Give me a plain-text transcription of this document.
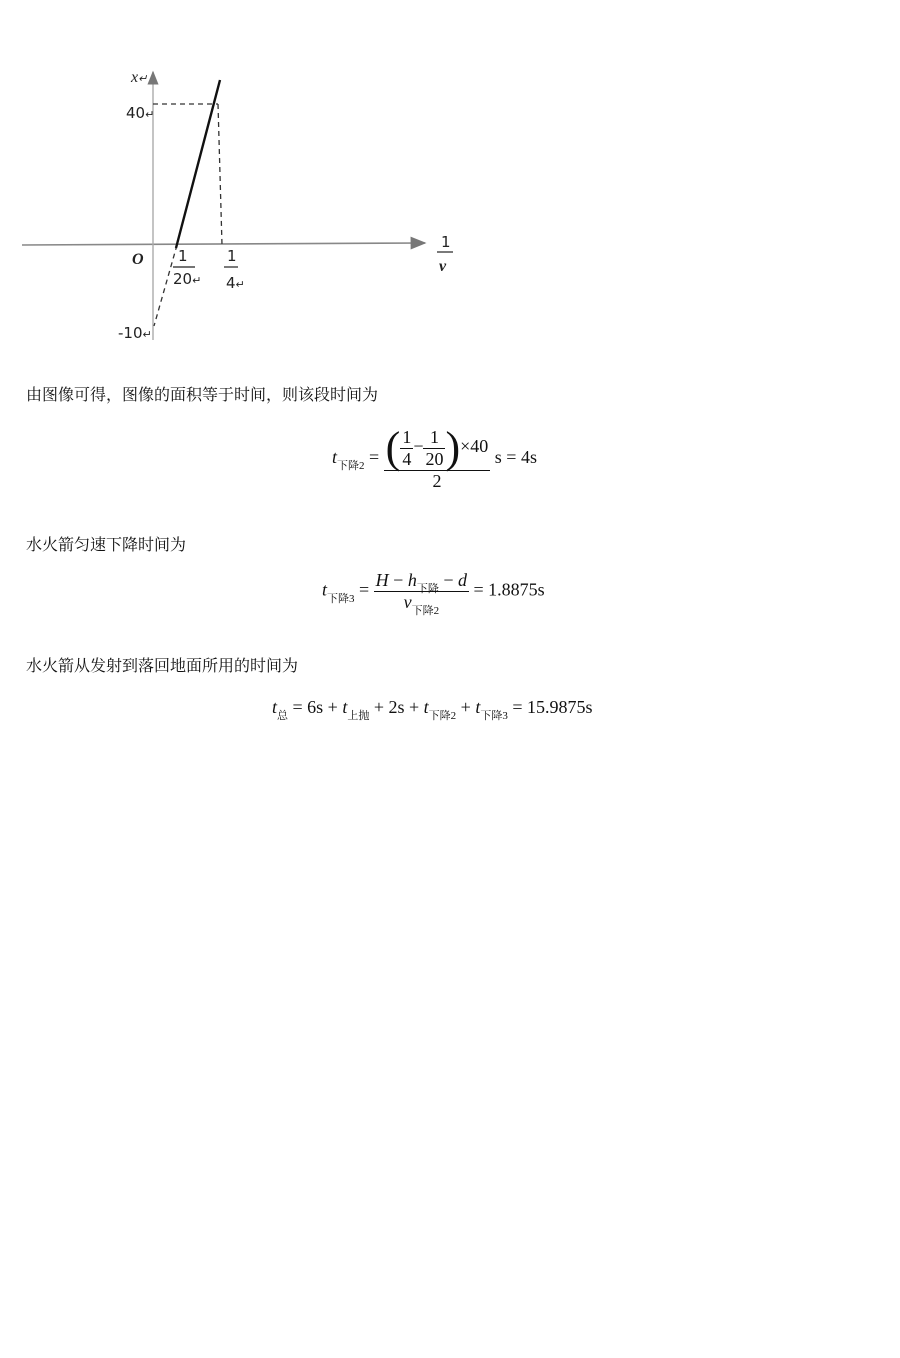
x↵
40↵
-10↵
O 1
20↵
1
4↵
1
v
由图像可得，图像的面积等于时间，则该段时间为
$t_{下降2} = \frac{( \frac{1}{4} - \frac{1}{20} )\times 40}{2}$ s = 4s
水火箭匀速下降时间为
$t_{下降3} = \frac{H - h_{下降} - d}{v_{下降2}} = 1.8875s$
水火箭从发射到落回地面所用的时间为
$t_总 = 6s + t_{上抛} + 2s + t_{下降2} + t_{下降3} = 15.9875s$
